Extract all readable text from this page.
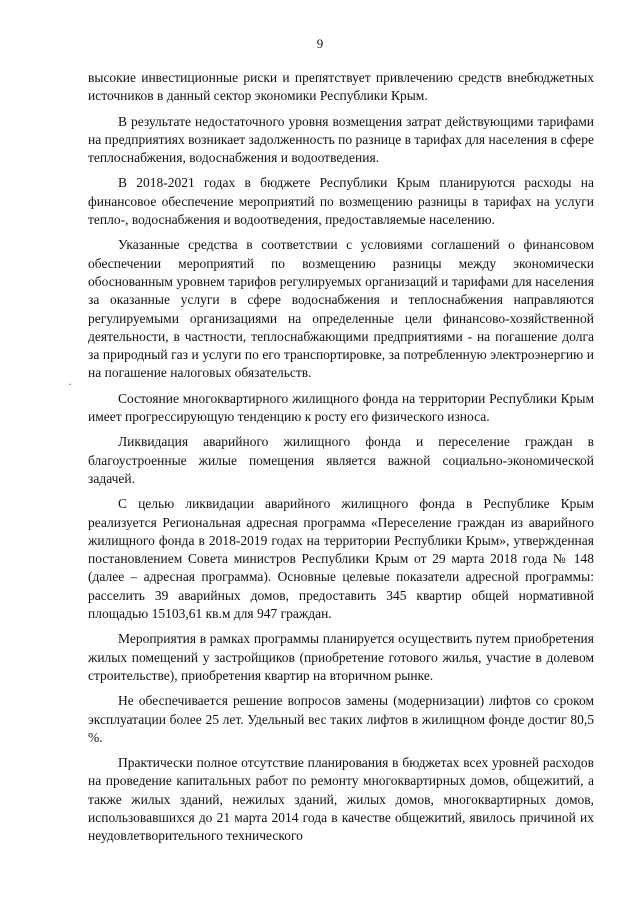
9
·

высокие инвестиционные риски и препятствует привлечению средств внебюджетных источников в данный сектор экономики Республики Крым.

В результате недостаточного уровня возмещения затрат действующими тарифами на предприятиях возникает задолженность по разнице в тарифах для населения в сфере теплоснабжения, водоснабжения и водоотведения.

В 2018-2021 годах в бюджете Республики Крым планируются расходы на финансовое обеспечение мероприятий по возмещению разницы в тарифах на услуги тепло-, водоснабжения и водоотведения, предоставляемые населению.

Указанные средства в соответствии с условиями соглашений о финансовом обеспечении мероприятий по возмещению разницы между экономически обоснованным уровнем тарифов регулируемых организаций и тарифами для населения за оказанные услуги в сфере водоснабжения и теплоснабжения направляются регулируемыми организациями на определенные цели финансово-хозяйственной деятельности, в частности, теплоснабжающими предприятиями - на погашение долга за природный газ и услуги по его транспортировке, за потребленную электроэнергию и на погашение налоговых обязательств.

Состояние многоквартирного жилищного фонда на территории Республики Крым имеет прогрессирующую тенденцию к росту его физического износа.

Ликвидация аварийного жилищного фонда и переселение граждан в благоустроенные жилые помещения является важной социально-экономической задачей.

С целью ликвидации аварийного жилищного фонда в Республике Крым реализуется Региональная адресная программа «Переселение граждан из аварийного жилищного фонда в 2018-2019 годах на территории Республики Крым», утвержденная постановлением Совета министров Республики Крым от 29 марта 2018 года № 148 (далее – адресная программа). Основные целевые показатели адресной программы: расселить 39 аварийных домов, предоставить 345 квартир общей нормативной площадью 15103,61 кв.м для 947 граждан.

Мероприятия в рамках программы планируется осуществить путем приобретения жилых помещений у застройщиков (приобретение готового жилья, участие в долевом строительстве), приобретения квартир на вторичном рынке.

Не обеспечивается решение вопросов замены (модернизации) лифтов со сроком эксплуатации более 25 лет. Удельный вес таких лифтов в жилищном фонде достиг 80,5 %.

Практически полное отсутствие планирования в бюджетах всех уровней расходов на проведение капитальных работ по ремонту многоквартирных домов, общежитий, а также жилых зданий, нежилых зданий, жилых домов, многоквартирных домов, использовавшихся до 21 марта 2014 года в качестве общежитий, явилось причиной их неудовлетворительного технического
